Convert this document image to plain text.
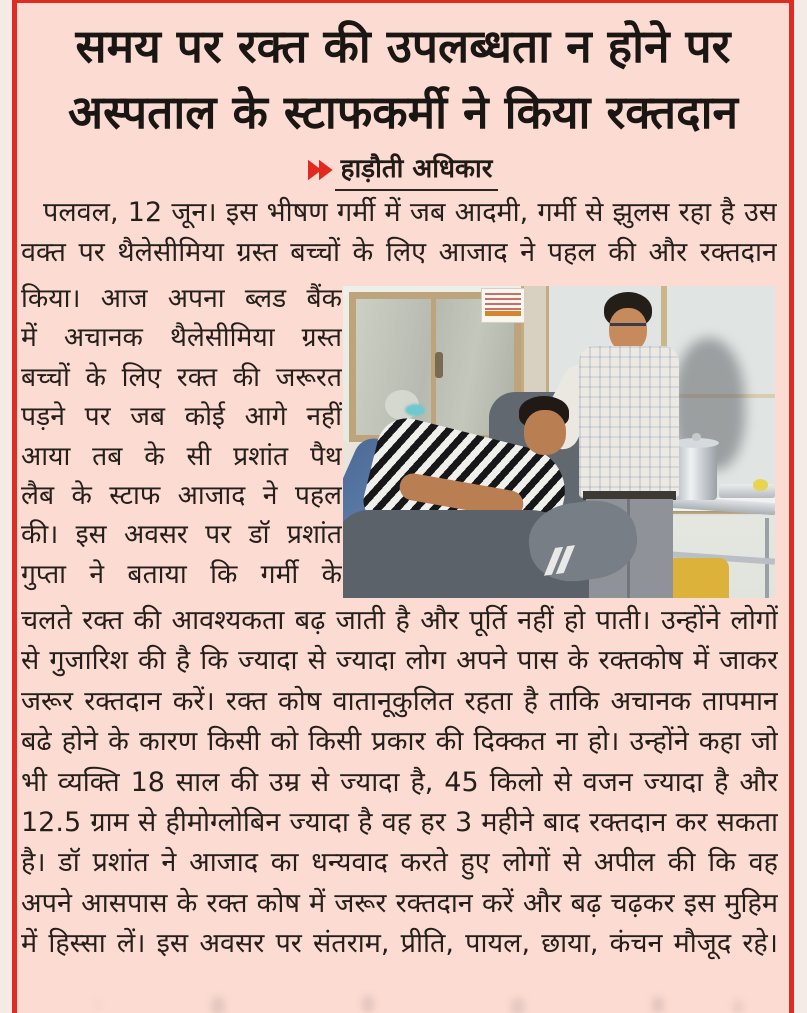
समय पर रक्त की उपलब्धता न होने पर
अस्पताल के स्टाफकर्मी ने किया रक्तदान
हाड़ौती अधिकार
पलवल, 12 जून। इस भीषण गर्मी में जब आदमी, गर्मी से झुलस रहा है उस
वक्त पर थैलेसीमिया ग्रस्त बच्चों के लिए आजाद ने पहल की और रक्तदान
किया। आज अपना ब्लड बैंक
में अचानक थैलेसीमिया ग्रस्त
बच्चों के लिए रक्त की जरूरत
पड़ने पर जब कोई आगे नहीं
आया तब के सी प्रशांत पैथ
लैब के स्टाफ आजाद ने पहल
की। इस अवसर पर डॉ प्रशांत
गुप्ता ने बताया कि गर्मी के
चलते रक्त की आवश्यकता बढ़ जाती है और पूर्ति नहीं हो पाती। उन्होंने लोगों
से गुजारिश की है कि ज्यादा से ज्यादा लोग अपने पास के रक्तकोष में जाकर
जरूर रक्तदान करें। रक्त कोष वातानूकुलित रहता है ताकि अचानक तापमान
बढे होने के कारण किसी को किसी प्रकार की दिक्कत ना हो। उन्होंने कहा जो
भी व्यक्ति 18 साल की उम्र से ज्यादा है, 45 किलो से वजन ज्यादा है और
12.5 ग्राम से हीमोग्लोबिन ज्यादा है वह हर 3 महीने बाद रक्तदान कर सकता
है। डॉ प्रशांत ने आजाद का धन्यवाद करते हुए लोगों से अपील की कि वह
अपने आसपास के रक्त कोष में जरूर रक्तदान करें और बढ़ चढ़कर इस मुहिम
में हिस्सा लें। इस अवसर पर संतराम, प्रीति, पायल, छाया, कंचन मौजूद रहे।
